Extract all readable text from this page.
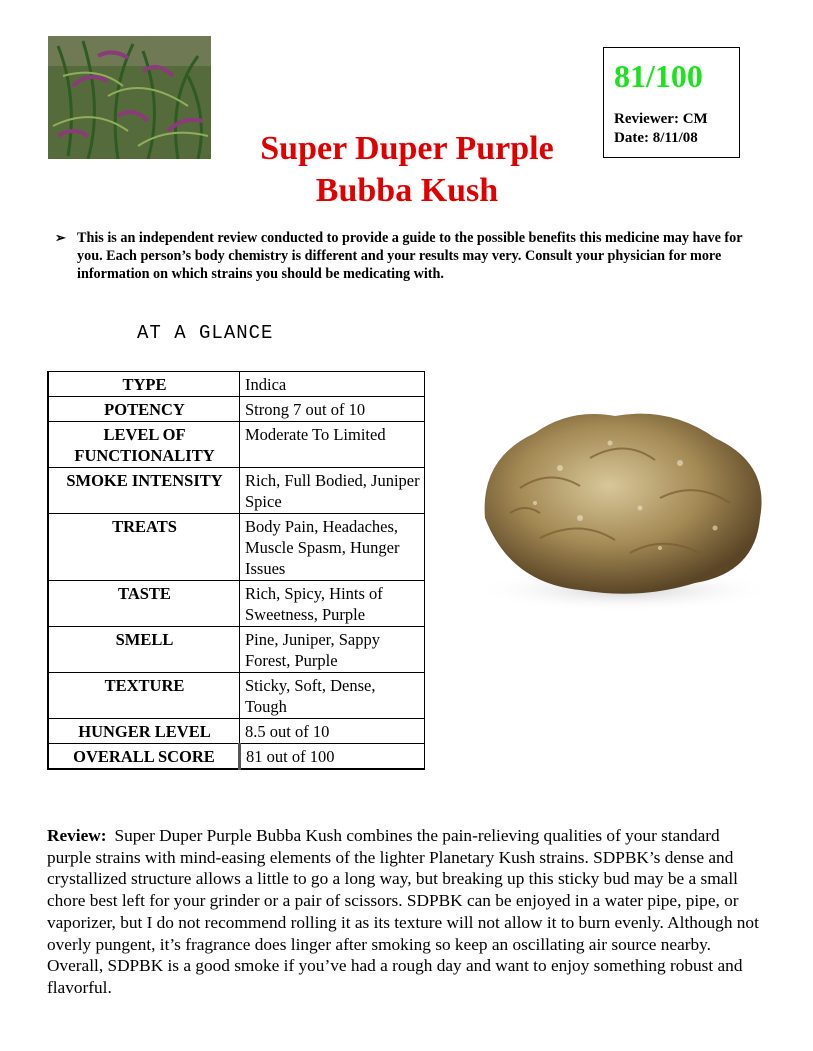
Super Duper Purple
Bubba Kush
81/100
Reviewer: CM
Date: 8/11/08
➢ This is an independent review conducted to provide a guide to the possible benefits this medicine may have for you. Each person’s body chemistry is different and your results may very. Consult your physician for more information on which strains you should be medicating with.
AT A GLANCE
TYPE	Indica
POTENCY	Strong 7 out of 10
LEVEL OF FUNCTIONALITY	Moderate To Limited
SMOKE INTENSITY	Rich, Full Bodied, Juniper Spice
TREATS	Body Pain, Headaches, Muscle Spasm, Hunger Issues
TASTE	Rich, Spicy, Hints of Sweetness, Purple
SMELL	Pine, Juniper, Sappy Forest, Purple
TEXTURE	Sticky, Soft, Dense, Tough
HUNGER LEVEL	8.5 out of 10
OVERALL SCORE	81 out of 100
Review: Super Duper Purple Bubba Kush combines the pain-relieving qualities of your standard purple strains with mind-easing elements of the lighter Planetary Kush strains. SDPBK’s dense and crystallized structure allows a little to go a long way, but breaking up this sticky bud may be a small chore best left for your grinder or a pair of scissors. SDPBK can be enjoyed in a water pipe, pipe, or vaporizer, but I do not recommend rolling it as its texture will not allow it to burn evenly. Although not overly pungent, it’s fragrance does linger after smoking so keep an oscillating air source nearby. Overall, SDPBK is a good smoke if you’ve had a rough day and want to enjoy something robust and flavorful.
